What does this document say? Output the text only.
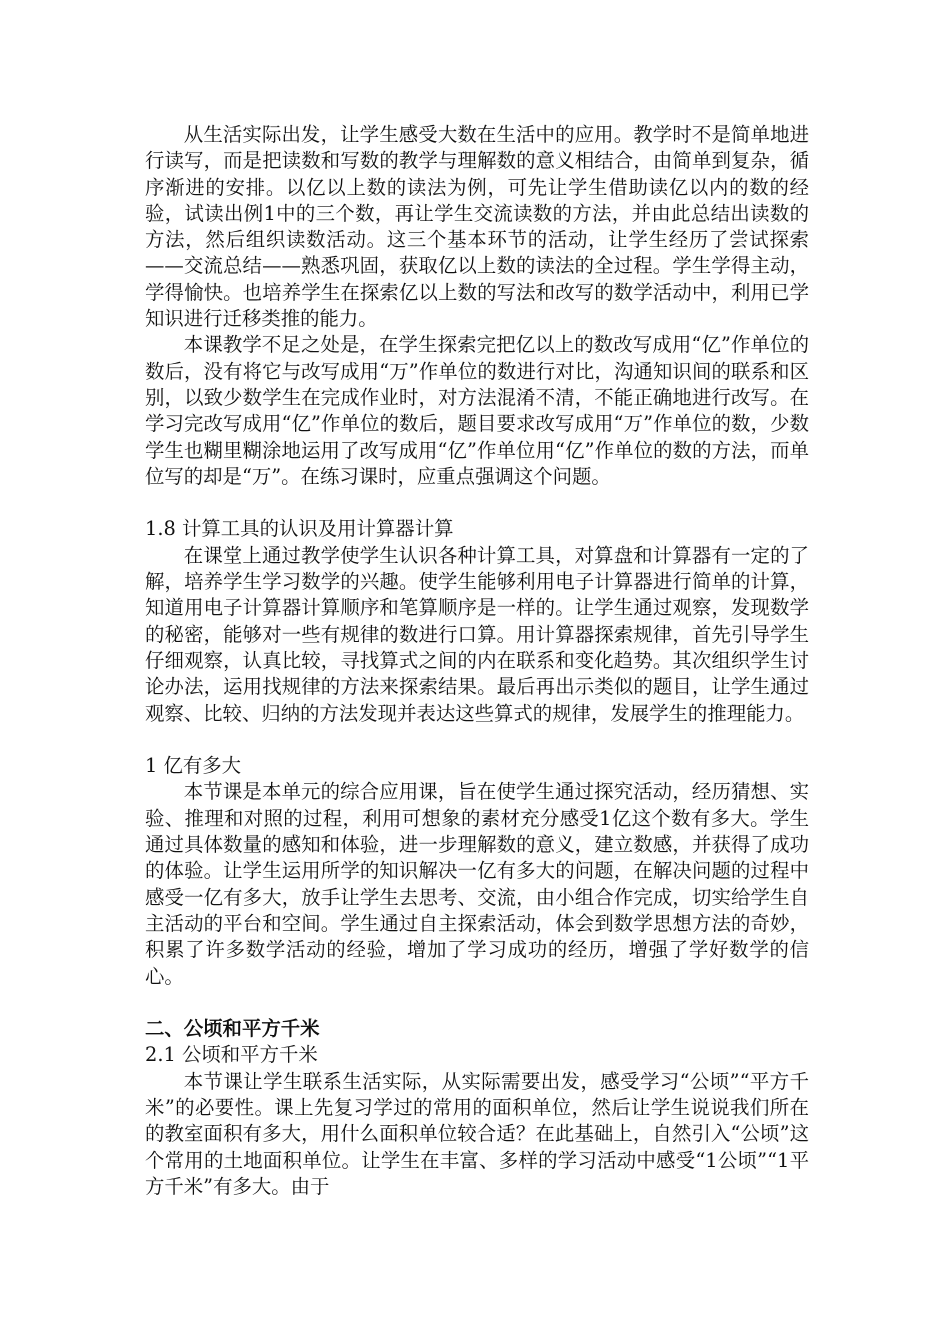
从生活实际出发，让学生感受大数在生活中的应用。教学时不是简单地进行读写，而是把读数和写数的教学与理解数的意义相结合，由简单到复杂，循序渐进的安排。以亿以上数的读法为例，可先让学生借助读亿以内的数的经验，试读出例1中的三个数，再让学生交流读数的方法，并由此总结出读数的方法，然后组织读数活动。这三个基本环节的活动，让学生经历了尝试探索——交流总结——熟悉巩固，获取亿以上数的读法的全过程。学生学得主动，学得愉快。也培养学生在探索亿以上数的写法和改写的数学活动中，利用已学知识进行迁移类推的能力。

本课教学不足之处是，在学生探索完把亿以上的数改写成用“亿”作单位的数后，没有将它与改写成用“万”作单位的数进行对比，沟通知识间的联系和区别，以致少数学生在完成作业时，对方法混淆不清，不能正确地进行改写。在学习完改写成用“亿”作单位的数后，题目要求改写成用“万”作单位的数，少数学生也糊里糊涂地运用了改写成用“亿”作单位用“亿”作单位的数的方法，而单位写的却是“万”。在练习课时，应重点强调这个问题。

1.8 计算工具的认识及用计算器计算

在课堂上通过教学使学生认识各种计算工具，对算盘和计算器有一定的了解，培养学生学习数学的兴趣。使学生能够利用电子计算器进行简单的计算，知道用电子计算器计算顺序和笔算顺序是一样的。让学生通过观察，发现数学的秘密，能够对一些有规律的数进行口算。用计算器探索规律，首先引导学生仔细观察，认真比较，寻找算式之间的内在联系和变化趋势。其次组织学生讨论办法，运用找规律的方法来探索结果。最后再出示类似的题目，让学生通过观察、比较、归纳的方法发现并表达这些算式的规律，发展学生的推理能力。

1 亿有多大

本节课是本单元的综合应用课，旨在使学生通过探究活动，经历猜想、实验、推理和对照的过程，利用可想象的素材充分感受1亿这个数有多大。学生通过具体数量的感知和体验，进一步理解数的意义，建立数感，并获得了成功的体验。让学生运用所学的知识解决一亿有多大的问题，在解决问题的过程中感受一亿有多大，放手让学生去思考、交流，由小组合作完成，切实给学生自主活动的平台和空间。学生通过自主探索活动，体会到数学思想方法的奇妙，积累了许多数学活动的经验，增加了学习成功的经历，增强了学好数学的信心。

二、公顷和平方千米

2.1 公顷和平方千米

本节课让学生联系生活实际，从实际需要出发，感受学习“公顷”“平方千米”的必要性。课上先复习学过的常用的面积单位，然后让学生说说我们所在的教室面积有多大，用什么面积单位较合适？在此基础上，自然引入“公顷”这个常用的土地面积单位。让学生在丰富、多样的学习活动中感受“1公顷”“1平方千米”有多大。由于
